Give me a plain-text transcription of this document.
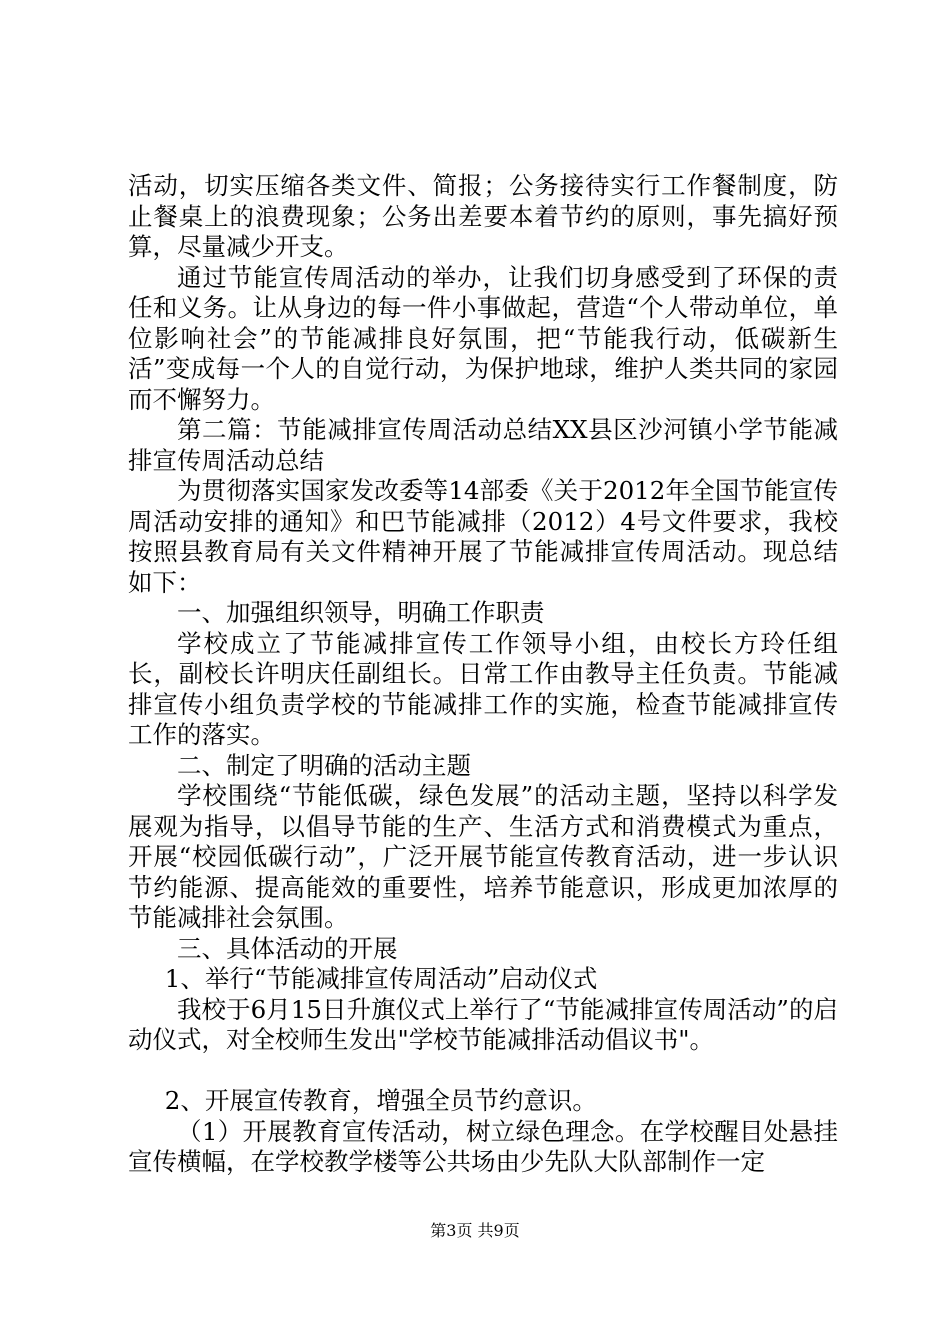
活动，切实压缩各类文件、简报；公务接待实行工作餐制度，防止餐桌上的浪费现象；公务出差要本着节约的原则，事先搞好预算，尽量减少开支。

通过节能宣传周活动的举办，让我们切身感受到了环保的责任和义务。让从身边的每一件小事做起，营造“个人带动单位，单位影响社会”的节能减排良好氛围，把“节能我行动，低碳新生活”变成每一个人的自觉行动，为保护地球，维护人类共同的家园而不懈努力。

第二篇：节能减排宣传周活动总结XX县区沙河镇小学节能减排宣传周活动总结

为贯彻落实国家发改委等14部委《关于2012年全国节能宣传周活动安排的通知》和巴节能减排（2012）4号文件要求，我校按照县教育局有关文件精神开展了节能减排宣传周活动。现总结如下：

一、加强组织领导，明确工作职责

学校成立了节能减排宣传工作领导小组，由校长方玲任组长，副校长许明庆任副组长。日常工作由教导主任负责。节能减排宣传小组负责学校的节能减排工作的实施，检查节能减排宣传工作的落实。

二、制定了明确的活动主题

学校围绕“节能低碳，绿色发展”的活动主题，坚持以科学发展观为指导，以倡导节能的生产、生活方式和消费模式为重点，开展“校园低碳行动”，广泛开展节能宣传教育活动，进一步认识节约能源、提高能效的重要性，培养节能意识，形成更加浓厚的节能减排社会氛围。

三、具体活动的开展

1、举行“节能减排宣传周活动”启动仪式

我校于6月15日升旗仪式上举行了“节能减排宣传周活动”的启动仪式，对全校师生发出"学校节能减排活动倡议书"。

2、开展宣传教育，增强全员节约意识。

（1）开展教育宣传活动，树立绿色理念。在学校醒目处悬挂宣传横幅，在学校教学楼等公共场由少先队大队部制作一定

第3页 共9页
